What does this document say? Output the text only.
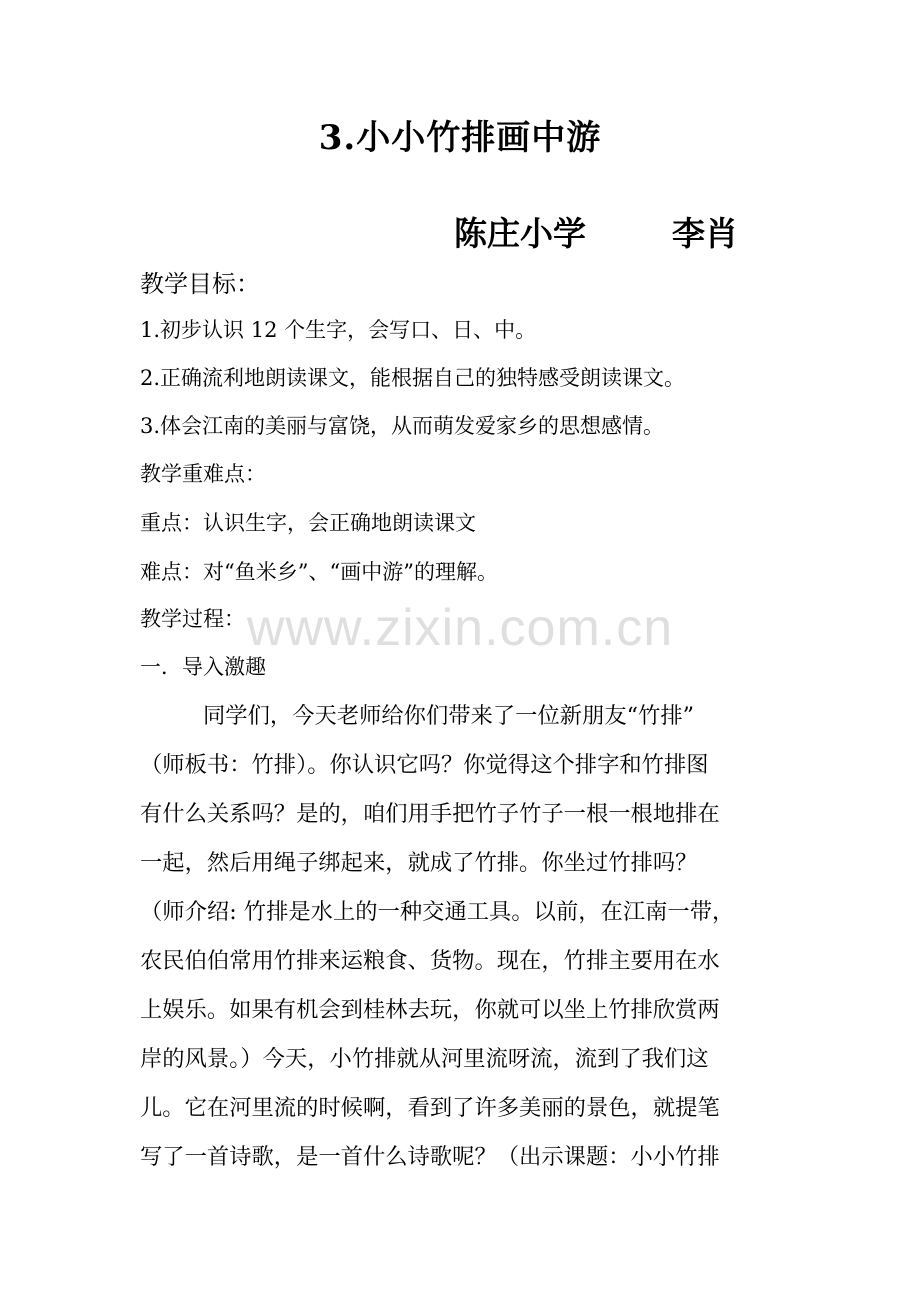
3.小小竹排画中游
陈庄小学	李肖
教学目标：
1.初步认识 12 个生字，会写口、日、中。
2.正确流利地朗读课文，能根据自己的独特感受朗读课文。
3.体会江南的美丽与富饶，从而萌发爱家乡的思想感情。
教学重难点：
重点：认识生字，会正确地朗读课文
难点：对“鱼米乡”、“画中游”的理解。
教学过程：
一．导入激趣
同学们，今天老师给你们带来了一位新朋友“竹排”
（师板书：竹排）。你认识它吗？你觉得这个排字和竹排图
有什么关系吗？是的，咱们用手把竹子竹子一根一根地排在
一起，然后用绳子绑起来，就成了竹排。你坐过竹排吗？
（师介绍: 竹排是水上的一种交通工具。以前，在江南一带，
农民伯伯常用竹排来运粮食、货物。现在，竹排主要用在水
上娱乐。如果有机会到桂林去玩，你就可以坐上竹排欣赏两
岸的风景。）今天，小竹排就从河里流呀流，流到了我们这
儿。它在河里流的时候啊，看到了许多美丽的景色，就提笔
写了一首诗歌，是一首什么诗歌呢？（出示课题：小小竹排
www.zixin.com.cn
